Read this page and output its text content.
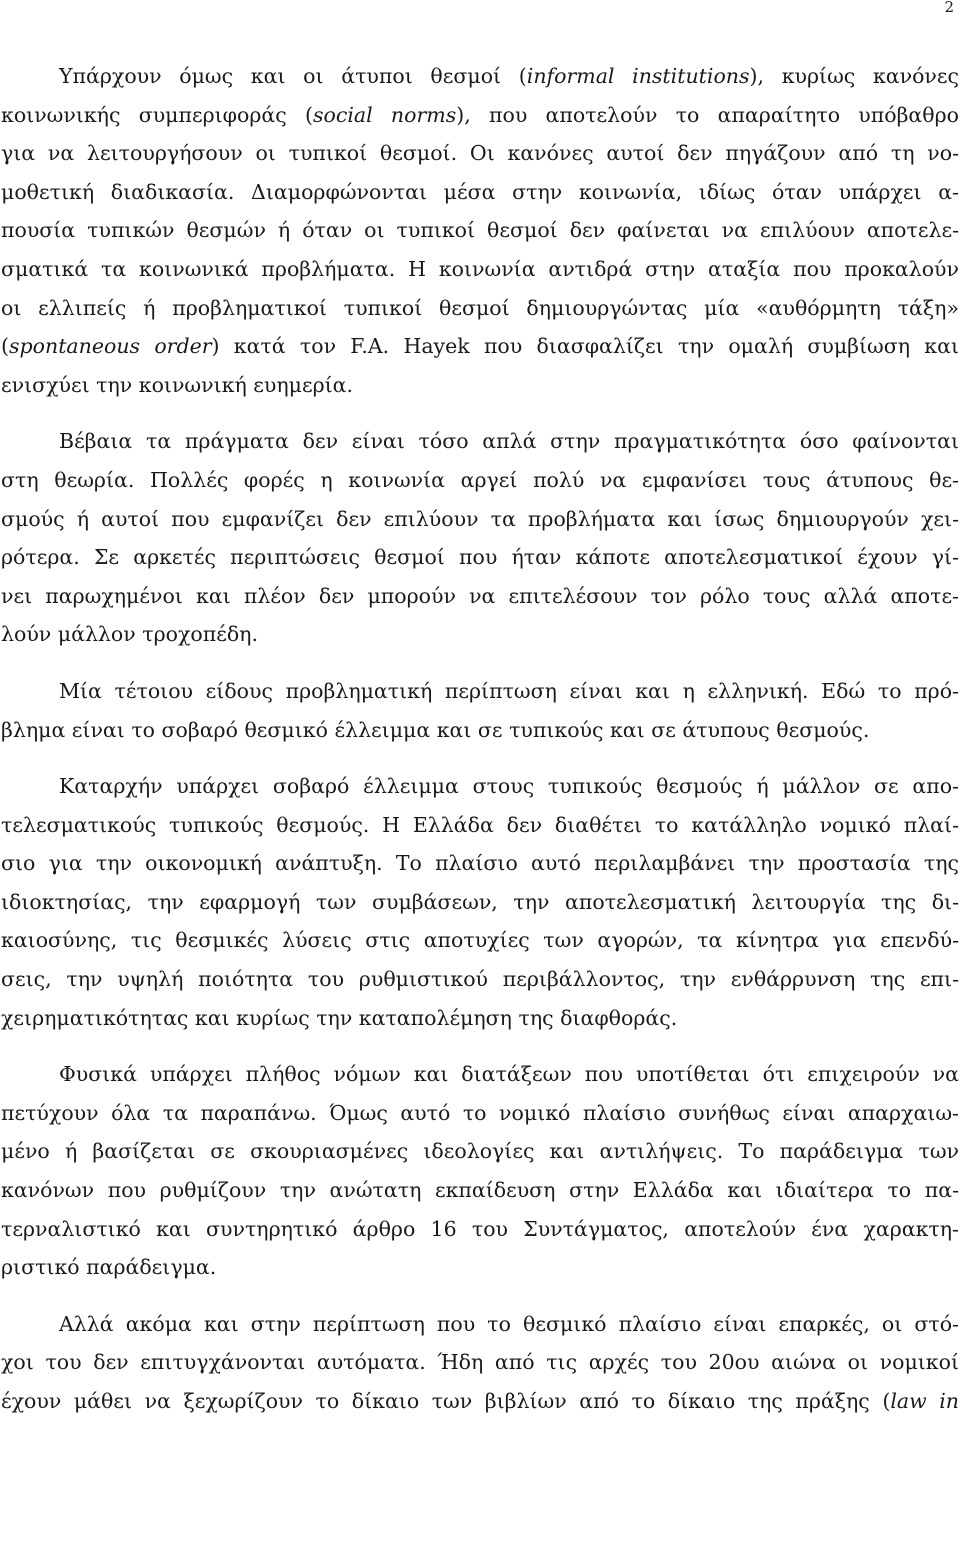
2

Υπάρχουν όμως και οι άτυποι θεσμοί (informal institutions), κυρίως κανόνες
κοινωνικής συμπεριφοράς (social norms), που αποτελούν το απαραίτητο υπόβαθρο
για να λειτουργήσουν οι τυπικοί θεσμοί. Οι κανόνες αυτοί δεν πηγάζουν από τη νο-
μοθετική διαδικασία. Διαμορφώνονται μέσα στην κοινωνία, ιδίως όταν υπάρχει α-
πουσία τυπικών θεσμών ή όταν οι τυπικοί θεσμοί δεν φαίνεται να επιλύουν αποτελε-
σματικά τα κοινωνικά προβλήματα. Η κοινωνία αντιδρά στην αταξία που προκαλούν
οι ελλιπείς ή προβληματικοί τυπικοί θεσμοί δημιουργώντας μία «αυθόρμητη τάξη»
(spontaneous order) κατά τον F.A. Hayek που διασφαλίζει την ομαλή συμβίωση και
ενισχύει την κοινωνική ευημερία.

Βέβαια τα πράγματα δεν είναι τόσο απλά στην πραγματικότητα όσο φαίνονται
στη θεωρία. Πολλές φορές η κοινωνία αργεί πολύ να εμφανίσει τους άτυπους θε-
σμούς ή αυτοί που εμφανίζει δεν επιλύουν τα προβλήματα και ίσως δημιουργούν χει-
ρότερα. Σε αρκετές περιπτώσεις θεσμοί που ήταν κάποτε αποτελεσματικοί έχουν γί-
νει παρωχημένοι και πλέον δεν μπορούν να επιτελέσουν τον ρόλο τους αλλά αποτε-
λούν μάλλον τροχοπέδη.

Μία τέτοιου είδους προβληματική περίπτωση είναι και η ελληνική. Εδώ το πρό-
βλημα είναι το σοβαρό θεσμικό έλλειμμα και σε τυπικούς και σε άτυπους θεσμούς.

Καταρχήν υπάρχει σοβαρό έλλειμμα στους τυπικούς θεσμούς ή μάλλον σε απο-
τελεσματικούς τυπικούς θεσμούς. Η Ελλάδα δεν διαθέτει το κατάλληλο νομικό πλαί-
σιο για την οικονομική ανάπτυξη. Το πλαίσιο αυτό περιλαμβάνει την προστασία της
ιδιοκτησίας, την εφαρμογή των συμβάσεων, την αποτελεσματική λειτουργία της δι-
καιοσύνης, τις θεσμικές λύσεις στις αποτυχίες των αγορών, τα κίνητρα για επενδύ-
σεις, την υψηλή ποιότητα του ρυθμιστικού περιβάλλοντος, την ενθάρρυνση της επι-
χειρηματικότητας και κυρίως την καταπολέμηση της διαφθοράς.

Φυσικά υπάρχει πλήθος νόμων και διατάξεων που υποτίθεται ότι επιχειρούν να
πετύχουν όλα τα παραπάνω. Όμως αυτό το νομικό πλαίσιο συνήθως είναι απαρχαιω-
μένο ή βασίζεται σε σκουριασμένες ιδεολογίες και αντιλήψεις. Το παράδειγμα των
κανόνων που ρυθμίζουν την ανώτατη εκπαίδευση στην Ελλάδα και ιδιαίτερα το πα-
τερναλιστικό και συντηρητικό άρθρο 16 του Συντάγματος, αποτελούν ένα χαρακτη-
ριστικό παράδειγμα.

Αλλά ακόμα και στην περίπτωση που το θεσμικό πλαίσιο είναι επαρκές, οι στό-
χοι του δεν επιτυγχάνονται αυτόματα. Ήδη από τις αρχές του 20ου αιώνα οι νομικοί
έχουν μάθει να ξεχωρίζουν το δίκαιο των βιβλίων από το δίκαιο της πράξης (law in
